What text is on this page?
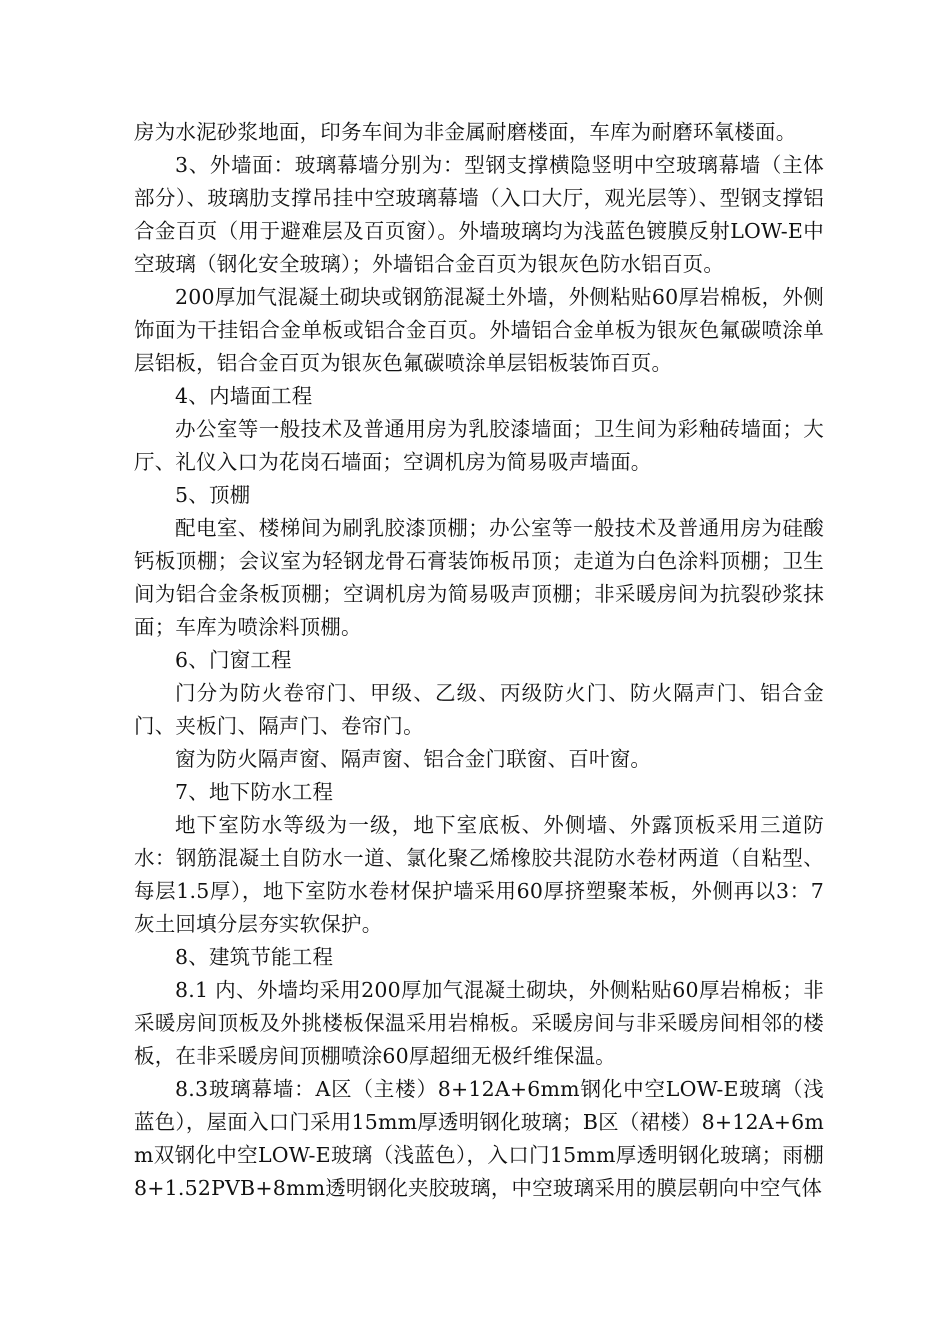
房为水泥砂浆地面，印务车间为非金属耐磨楼面，车库为耐磨环氧楼面。

3、外墙面：玻璃幕墙分别为：型钢支撑横隐竖明中空玻璃幕墙（主体部分）、玻璃肋支撑吊挂中空玻璃幕墙（入口大厅，观光层等）、型钢支撑铝合金百页（用于避难层及百页窗）。外墙玻璃均为浅蓝色镀膜反射LOW-E中空玻璃（钢化安全玻璃）；外墙铝合金百页为银灰色防水铝百页。

200厚加气混凝土砌块或钢筋混凝土外墙，外侧粘贴60厚岩棉板，外侧饰面为干挂铝合金单板或铝合金百页。外墙铝合金单板为银灰色氟碳喷涂单层铝板，铝合金百页为银灰色氟碳喷涂单层铝板装饰百页。

4、内墙面工程

办公室等一般技术及普通用房为乳胶漆墙面；卫生间为彩釉砖墙面；大厅、礼仪入口为花岗石墙面；空调机房为简易吸声墙面。

5、顶棚

配电室、楼梯间为刷乳胶漆顶棚；办公室等一般技术及普通用房为硅酸钙板顶棚；会议室为轻钢龙骨石膏装饰板吊顶；走道为白色涂料顶棚；卫生间为铝合金条板顶棚；空调机房为简易吸声顶棚；非采暖房间为抗裂砂浆抹面；车库为喷涂料顶棚。

6、门窗工程

门分为防火卷帘门、甲级、乙级、丙级防火门、防火隔声门、铝合金门、夹板门、隔声门、卷帘门。

窗为防火隔声窗、隔声窗、铝合金门联窗、百叶窗。

7、地下防水工程

地下室防水等级为一级，地下室底板、外侧墙、外露顶板采用三道防水：钢筋混凝土自防水一道、氯化聚乙烯橡胶共混防水卷材两道（自粘型、每层1.5厚），地下室防水卷材保护墙采用60厚挤塑聚苯板，外侧再以3：7灰土回填分层夯实软保护。

8、建筑节能工程

8.1 内、外墙均采用200厚加气混凝土砌块，外侧粘贴60厚岩棉板；非采暖房间顶板及外挑楼板保温采用岩棉板。采暖房间与非采暖房间相邻的楼板，在非采暖房间顶棚喷涂60厚超细无极纤维保温。

8.3玻璃幕墙：A区（主楼）8+12A+6mm钢化中空LOW-E玻璃（浅蓝色），屋面入口门采用15mm厚透明钢化玻璃；B区（裙楼）8+12A+6mm双钢化中空LOW-E玻璃（浅蓝色），入口门15mm厚透明钢化玻璃；雨棚8+1.52PVB+8mm透明钢化夹胶玻璃，中空玻璃采用的膜层朝向中空气体
